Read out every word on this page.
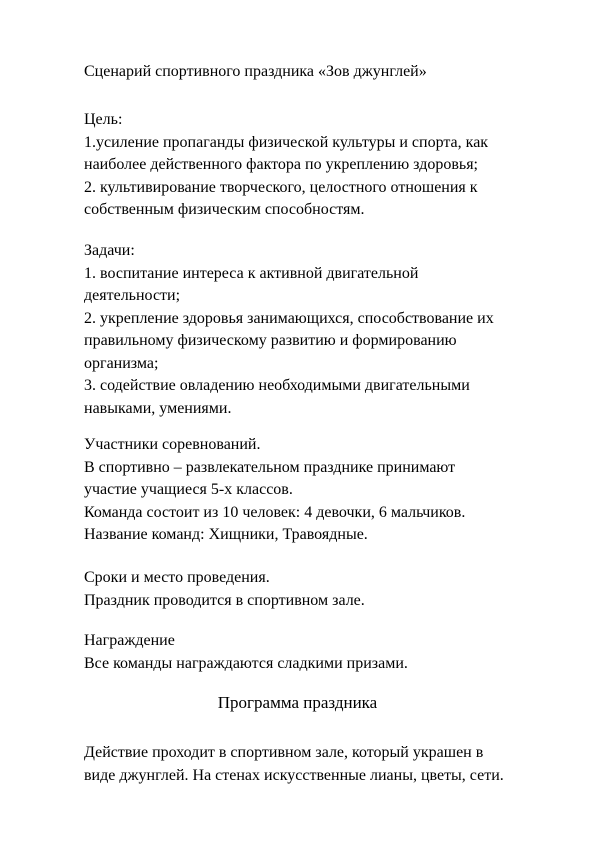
Сценарий спортивного праздника «Зов джунглей»

Цель:

1.усиление пропаганды физической культуры и спорта, как

наиболее действенного фактора по укреплению здоровья;

2. культивирование творческого, целостного отношения к

собственным физическим способностям.

Задачи:

1. воспитание интереса к активной двигательной

деятельности;

2. укрепление здоровья занимающихся, способствование их

правильному физическому развитию и формированию

организма;

3. содействие овладению необходимыми двигательными

навыками, умениями.

Участники соревнований.

В спортивно – развлекательном празднике принимают

участие учащиеся 5-х классов.

Команда состоит из 10 человек: 4 девочки, 6 мальчиков.

Название команд: Хищники, Травоядные.

Сроки и место проведения.

Праздник проводится в спортивном зале.

Награждение

Все команды награждаются сладкими призами.

Программа праздника

Действие проходит в спортивном зале, который украшен в

виде джунглей. На стенах искусственные лианы, цветы, сети.
